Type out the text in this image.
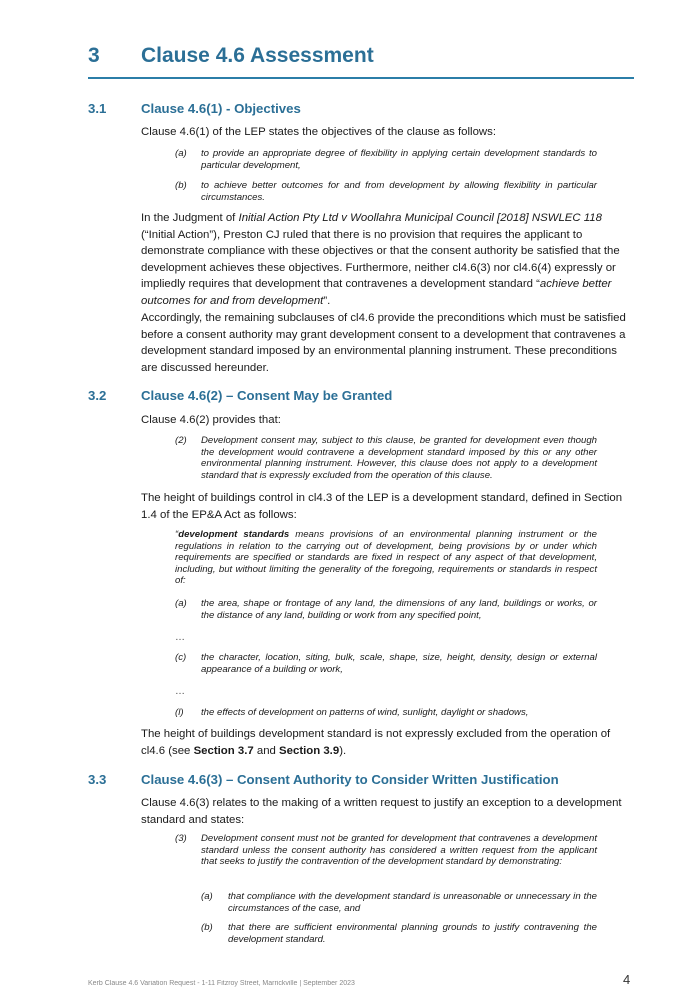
3 Clause 4.6 Assessment
3.1	Clause 4.6(1) - Objectives
Clause 4.6(1) of the LEP states the objectives of the clause as follows:
(a) to provide an appropriate degree of flexibility in applying certain development standards to particular development,
(b) to achieve better outcomes for and from development by allowing flexibility in particular circumstances.
In the Judgment of Initial Action Pty Ltd v Woollahra Municipal Council [2018] NSWLEC 118 (“Initial Action”), Preston CJ ruled that there is no provision that requires the applicant to demonstrate compliance with these objectives or that the consent authority be satisfied that the development achieves these objectives. Furthermore, neither cl4.6(3) nor cl4.6(4) expressly or impliedly requires that development that contravenes a development standard “achieve better outcomes for and from development”.
Accordingly, the remaining subclauses of cl4.6 provide the preconditions which must be satisfied before a consent authority may grant development consent to a development that contravenes a development standard imposed by an environmental planning instrument. These preconditions are discussed hereunder.
3.2	Clause 4.6(2) – Consent May be Granted
Clause 4.6(2) provides that:
(2) Development consent may, subject to this clause, be granted for development even though the development would contravene a development standard imposed by this or any other environmental planning instrument. However, this clause does not apply to a development standard that is expressly excluded from the operation of this clause.
The height of buildings control in cl4.3 of the LEP is a development standard, defined in Section 1.4 of the EP&A Act as follows:
“development standards means provisions of an environmental planning instrument or the regulations in relation to the carrying out of development, being provisions by or under which requirements are specified or standards are fixed in respect of any aspect of that development, including, but without limiting the generality of the foregoing, requirements or standards in respect of:
(a) the area, shape or frontage of any land, the dimensions of any land, buildings or works, or the distance of any land, building or work from any specified point,
…
(c) the character, location, siting, bulk, scale, shape, size, height, density, design or external appearance of a building or work,
…
(l) the effects of development on patterns of wind, sunlight, daylight or shadows,
The height of buildings development standard is not expressly excluded from the operation of cl4.6 (see Section 3.7 and Section 3.9).
3.3	Clause 4.6(3) – Consent Authority to Consider Written Justification
Clause 4.6(3) relates to the making of a written request to justify an exception to a development standard and states:
(3) Development consent must not be granted for development that contravenes a development standard unless the consent authority has considered a written request from the applicant that seeks to justify the contravention of the development standard by demonstrating:
(a) that compliance with the development standard is unreasonable or unnecessary in the circumstances of the case, and
(b) that there are sufficient environmental planning grounds to justify contravening the development standard.
Kerb Clause 4.6 Variation Request - 1-11 Fitzroy Street, Marrickville | September 2023	4
